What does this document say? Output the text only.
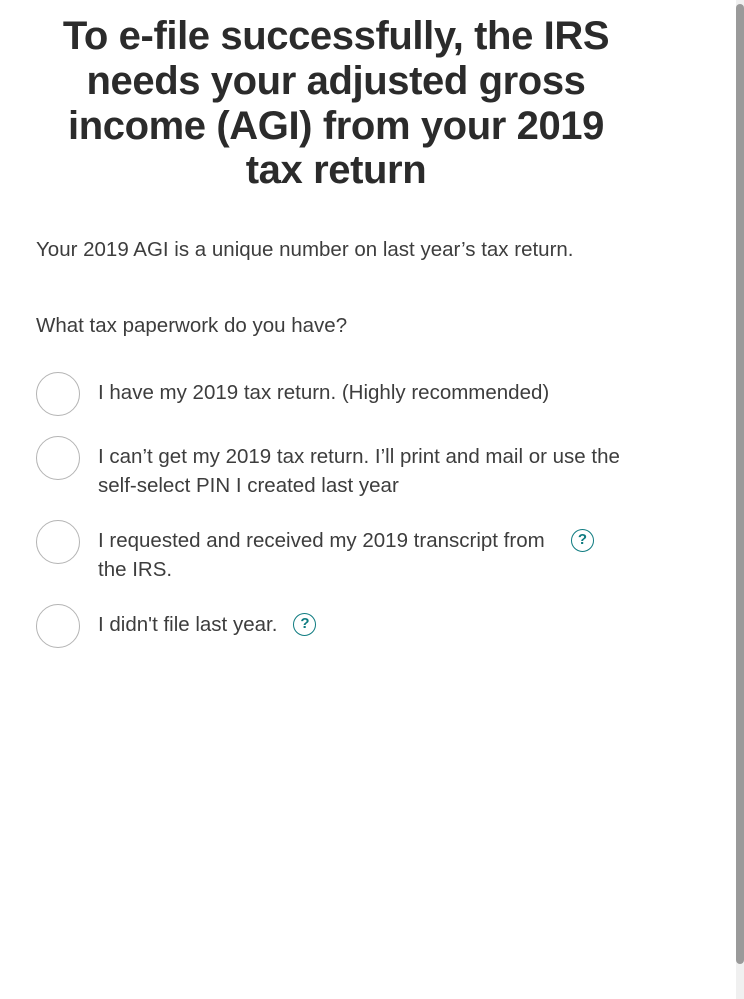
To e-file successfully, the IRS needs your adjusted gross income (AGI) from your 2019 tax return

Your 2019 AGI is a unique number on last year’s tax return.

What tax paperwork do you have?

I have my 2019 tax return. (Highly recommended)
I can’t get my 2019 tax return. I’ll print and mail or use the self-select PIN I created last year
I requested and received my 2019 transcript from the IRS.
?
I didn't file last year.	?
